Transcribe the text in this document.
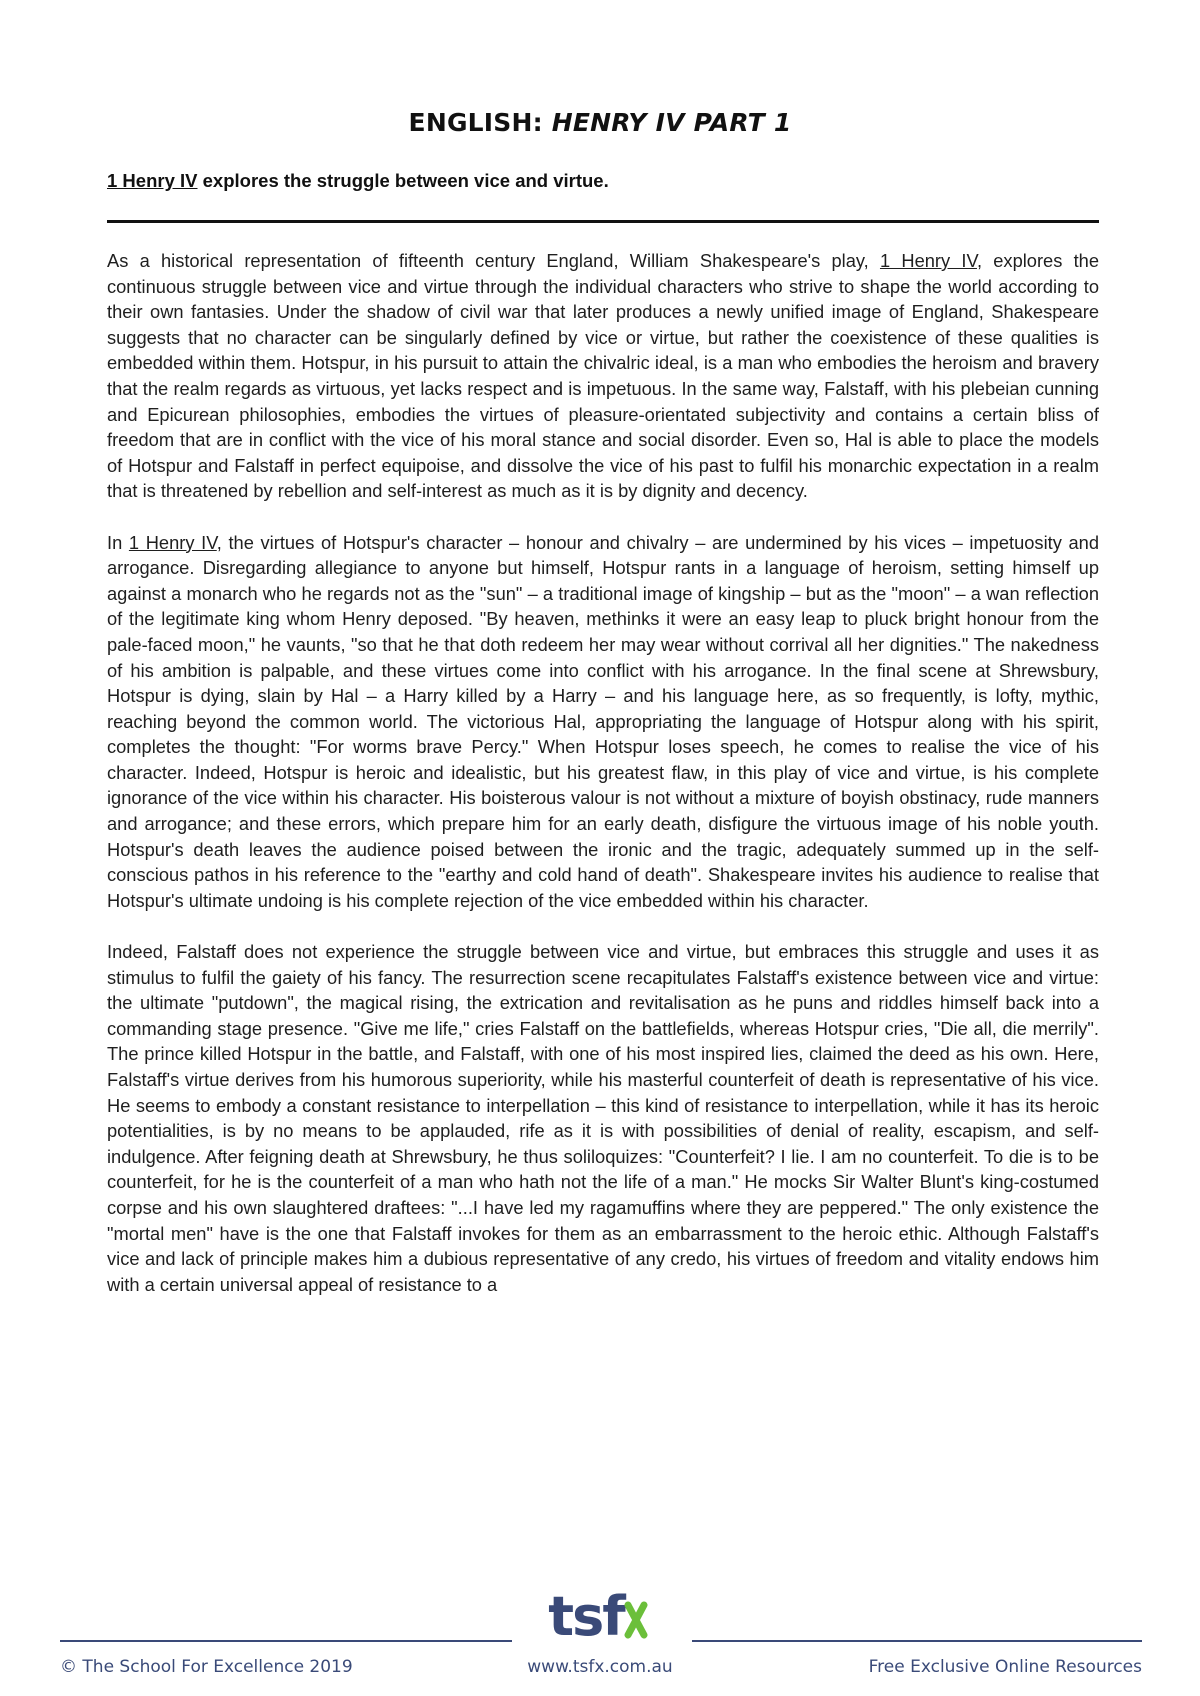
ENGLISH: HENRY IV PART 1
1 Henry IV explores the struggle between vice and virtue.

As a historical representation of fifteenth century England, William Shakespeare's play, 1 Henry IV, explores the continuous struggle between vice and virtue through the individual characters who strive to shape the world according to their own fantasies. Under the shadow of civil war that later produces a newly unified image of England, Shakespeare suggests that no character can be singularly defined by vice or virtue, but rather the coexistence of these qualities is embedded within them. Hotspur, in his pursuit to attain the chivalric ideal, is a man who embodies the heroism and bravery that the realm regards as virtuous, yet lacks respect and is impetuous. In the same way, Falstaff, with his plebeian cunning and Epicurean philosophies, embodies the virtues of pleasure-orientated subjectivity and contains a certain bliss of freedom that are in conflict with the vice of his moral stance and social disorder. Even so, Hal is able to place the models of Hotspur and Falstaff in perfect equipoise, and dissolve the vice of his past to fulfil his monarchic expectation in a realm that is threatened by rebellion and self-interest as much as it is by dignity and decency.

In 1 Henry IV, the virtues of Hotspur's character – honour and chivalry – are undermined by his vices – impetuosity and arrogance. Disregarding allegiance to anyone but himself, Hotspur rants in a language of heroism, setting himself up against a monarch who he regards not as the "sun" – a traditional image of kingship – but as the "moon" – a wan reflection of the legitimate king whom Henry deposed. "By heaven, methinks it were an easy leap to pluck bright honour from the pale-faced moon," he vaunts, "so that he that doth redeem her may wear without corrival all her dignities." The nakedness of his ambition is palpable, and these virtues come into conflict with his arrogance. In the final scene at Shrewsbury, Hotspur is dying, slain by Hal – a Harry killed by a Harry – and his language here, as so frequently, is lofty, mythic, reaching beyond the common world. The victorious Hal, appropriating the language of Hotspur along with his spirit, completes the thought: "For worms brave Percy." When Hotspur loses speech, he comes to realise the vice of his character. Indeed, Hotspur is heroic and idealistic, but his greatest flaw, in this play of vice and virtue, is his complete ignorance of the vice within his character. His boisterous valour is not without a mixture of boyish obstinacy, rude manners and arrogance; and these errors, which prepare him for an early death, disfigure the virtuous image of his noble youth. Hotspur's death leaves the audience poised between the ironic and the tragic, adequately summed up in the self-conscious pathos in his reference to the "earthy and cold hand of death". Shakespeare invites his audience to realise that Hotspur's ultimate undoing is his complete rejection of the vice embedded within his character.

Indeed, Falstaff does not experience the struggle between vice and virtue, but embraces this struggle and uses it as stimulus to fulfil the gaiety of his fancy. The resurrection scene recapitulates Falstaff's existence between vice and virtue: the ultimate "putdown", the magical rising, the extrication and revitalisation as he puns and riddles himself back into a commanding stage presence. "Give me life," cries Falstaff on the battlefields, whereas Hotspur cries, "Die all, die merrily". The prince killed Hotspur in the battle, and Falstaff, with one of his most inspired lies, claimed the deed as his own. Here, Falstaff's virtue derives from his humorous superiority, while his masterful counterfeit of death is representative of his vice. He seems to embody a constant resistance to interpellation – this kind of resistance to interpellation, while it has its heroic potentialities, is by no means to be applauded, rife as it is with possibilities of denial of reality, escapism, and self-indulgence. After feigning death at Shrewsbury, he thus soliloquizes: "Counterfeit? I lie. I am no counterfeit. To die is to be counterfeit, for he is the counterfeit of a man who hath not the life of a man." He mocks Sir Walter Blunt's king-costumed corpse and his own slaughtered draftees: "...I have led my ragamuffins where they are peppered." The only existence the "mortal men" have is the one that Falstaff invokes for them as an embarrassment to the heroic ethic. Although Falstaff's vice and lack of principle makes him a dubious representative of any credo, his virtues of freedom and vitality endows him with a certain universal appeal of resistance to a

tsf
© The School For Excellence 2019	www.tsfx.com.au	Free Exclusive Online Resources
